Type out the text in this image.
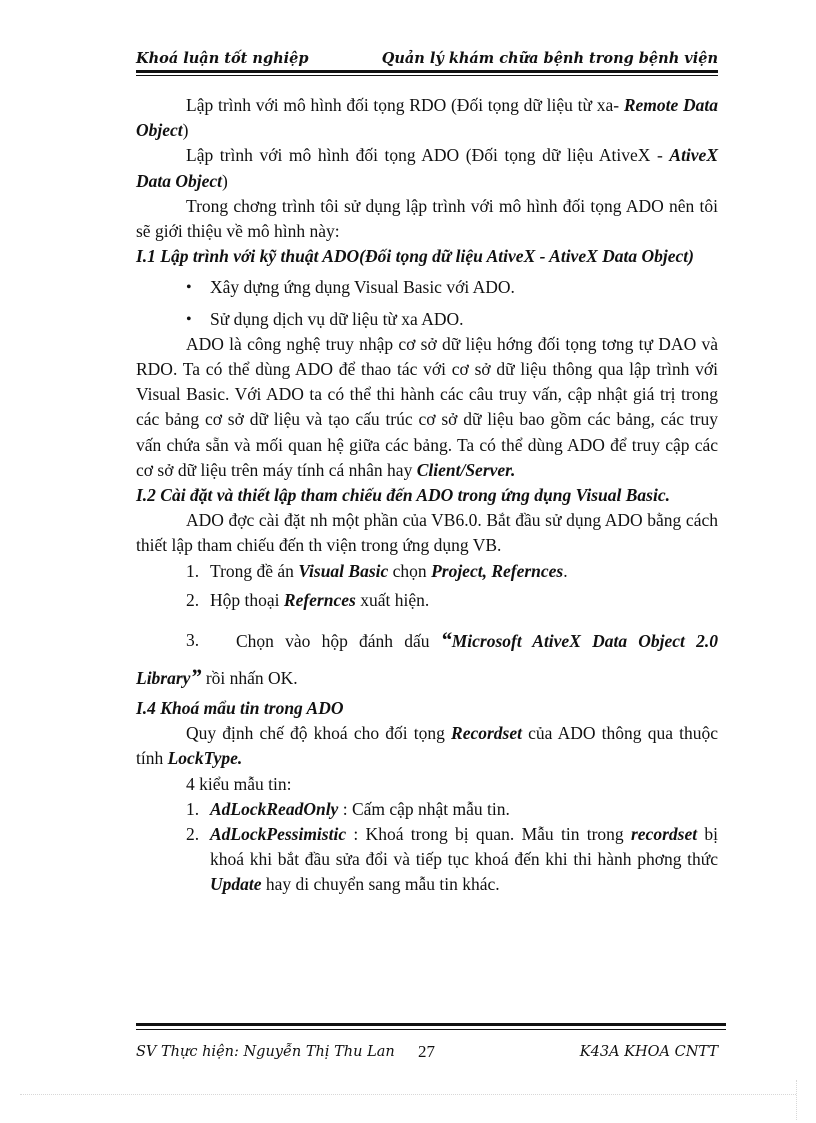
Khoá luận tốt nghiệp	Quản lý khám chữa bệnh trong bệnh viện

Lập trình với mô hình đối tọng RDO (Đối tọng dữ liệu từ xa- Remote Data Object)

Lập trình với mô hình đối tọng ADO (Đối tọng dữ liệu AtiveX - AtiveX Data Object)

Trong chơng trình tôi sử dụng lập trình với mô hình đối tọng ADO nên tôi sẽ giới thiệu về mô hình này:

I.1 Lập trình với kỹ thuật ADO(Đối tọng dữ liệu AtiveX - AtiveX Data Object)

• Xây dựng ứng dụng Visual Basic với ADO.
• Sử dụng dịch vụ dữ liệu từ xa ADO.

ADO là công nghệ truy nhập cơ sở dữ liệu hớng đối tọng tơng tự DAO và RDO. Ta có thể dùng ADO để thao tác với cơ sở dữ liệu thông qua lập trình với Visual Basic. Với ADO ta có thể thi hành các câu truy vấn, cập nhật giá trị trong các bảng cơ sở dữ liệu và tạo cấu trúc cơ sở dữ liệu bao gồm các bảng, các truy vấn chứa sẵn và mối quan hệ giữa các bảng. Ta có thể dùng ADO để truy cập các cơ sở dữ liệu trên máy tính cá nhân hay Client/Server.

I.2 Cài đặt và thiết lập tham chiếu đến ADO trong ứng dụng Visual Basic.

ADO đợc cài đặt nh một phần của VB6.0. Bắt đầu sử dụng ADO bằng cách thiết lập tham chiếu đến th viện trong ứng dụng VB.

1. Trong đề án Visual Basic chọn Project, Refernces.
2. Hộp thoại Refernces xuất hiện.
3. Chọn vào hộp đánh dấu “Microsoft AtiveX Data Object 2.0 Library” rồi nhấn OK.

I.4 Khoá mẩu tin trong ADO

Quy định chế độ khoá cho đối tọng Recordset của ADO thông qua thuộc tính LockType.

4 kiểu mẫu tin:

1. AdLockReadOnly : Cấm cập nhật mẫu tin.
2. AdLockPessimistic : Khoá trong bị quan. Mẫu tin trong recordset bị khoá khi bắt đầu sửa đổi và tiếp tục khoá đến khi thi hành phơng thức Update hay di chuyển sang mẫu tin khác.
SV Thực hiện: Nguyễn Thị Thu Lan 27	K43A KHOA CNTT
